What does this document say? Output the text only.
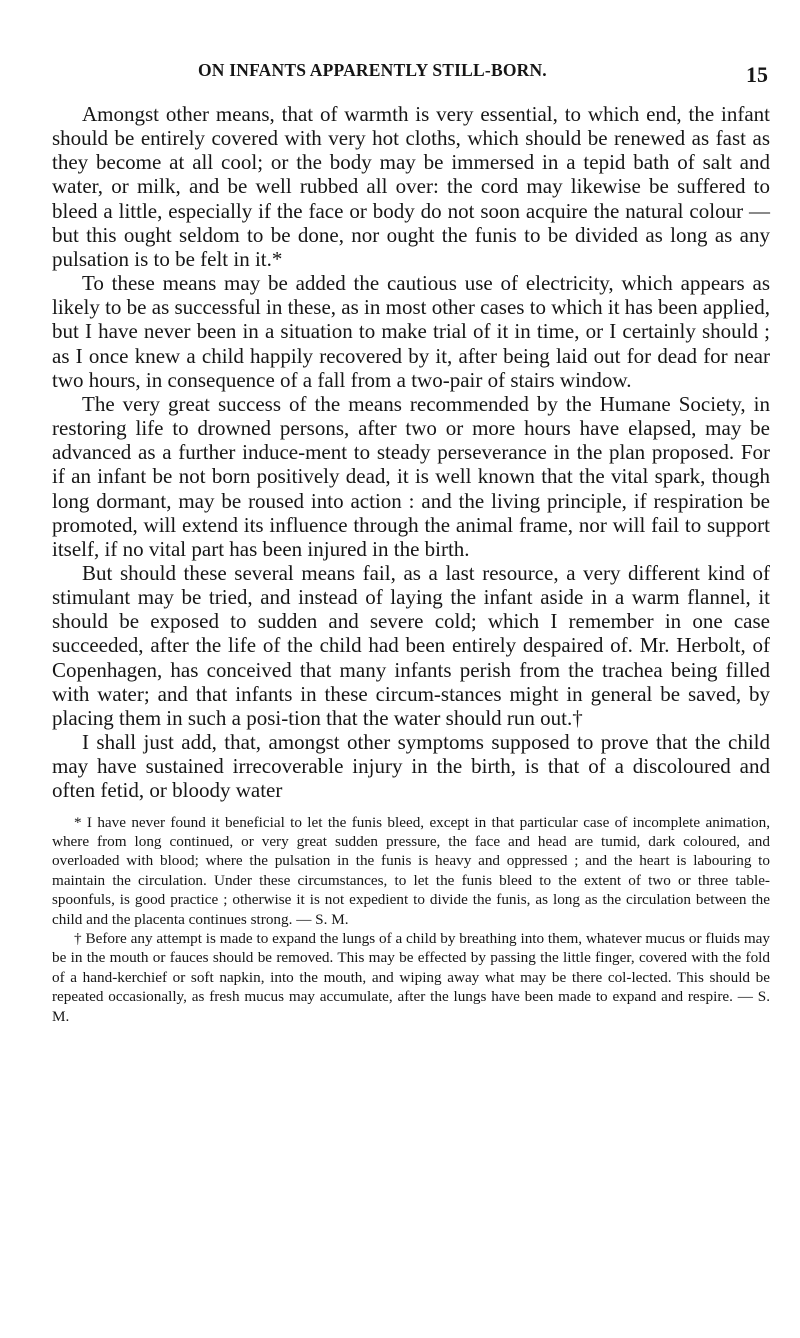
ON INFANTS APPARENTLY STILL-BORN.	15

Amongst other means, that of warmth is very essential, to which end, the infant should be entirely covered with very hot cloths, which should be renewed as fast as they become at all cool; or the body may be immersed in a tepid bath of salt and water, or milk, and be well rubbed all over: the cord may likewise be suffered to bleed a little, especially if the face or body do not soon acquire the natural colour — but this ought seldom to be done, nor ought the funis to be divided as long as any pulsation is to be felt in it.*

To these means may be added the cautious use of electricity, which appears as likely to be as successful in these, as in most other cases to which it has been applied, but I have never been in a situation to make trial of it in time, or I certainly should ; as I once knew a child happily recovered by it, after being laid out for dead for near two hours, in consequence of a fall from a two-pair of stairs window.

The very great success of the means recommended by the Humane Society, in restoring life to drowned persons, after two or more hours have elapsed, may be advanced as a further induce-ment to steady perseverance in the plan proposed. For if an infant be not born positively dead, it is well known that the vital spark, though long dormant, may be roused into action : and the living principle, if respiration be promoted, will extend its influence through the animal frame, nor will fail to support itself, if no vital part has been injured in the birth.

But should these several means fail, as a last resource, a very different kind of stimulant may be tried, and instead of laying the infant aside in a warm flannel, it should be exposed to sudden and severe cold; which I remember in one case succeeded, after the life of the child had been entirely despaired of. Mr. Herbolt, of Copenhagen, has conceived that many infants perish from the trachea being filled with water; and that infants in these circum-stances might in general be saved, by placing them in such a posi-tion that the water should run out.†

I shall just add, that, amongst other symptoms supposed to prove that the child may have sustained irrecoverable injury in the birth, is that of a discoloured and often fetid, or bloody water

* I have never found it beneficial to let the funis bleed, except in that particular case of incomplete animation, where from long continued, or very great sudden pressure, the face and head are tumid, dark coloured, and overloaded with blood; where the pulsation in the funis is heavy and oppressed ; and the heart is labouring to maintain the circulation. Under these circumstances, to let the funis bleed to the extent of two or three table-spoonfuls, is good practice ; otherwise it is not expedient to divide the funis, as long as the circulation between the child and the placenta continues strong. — S. M.

† Before any attempt is made to expand the lungs of a child by breathing into them, whatever mucus or fluids may be in the mouth or fauces should be removed. This may be effected by passing the little finger, covered with the fold of a hand-kerchief or soft napkin, into the mouth, and wiping away what may be there col-lected. This should be repeated occasionally, as fresh mucus may accumulate, after the lungs have been made to expand and respire. — S. M.
